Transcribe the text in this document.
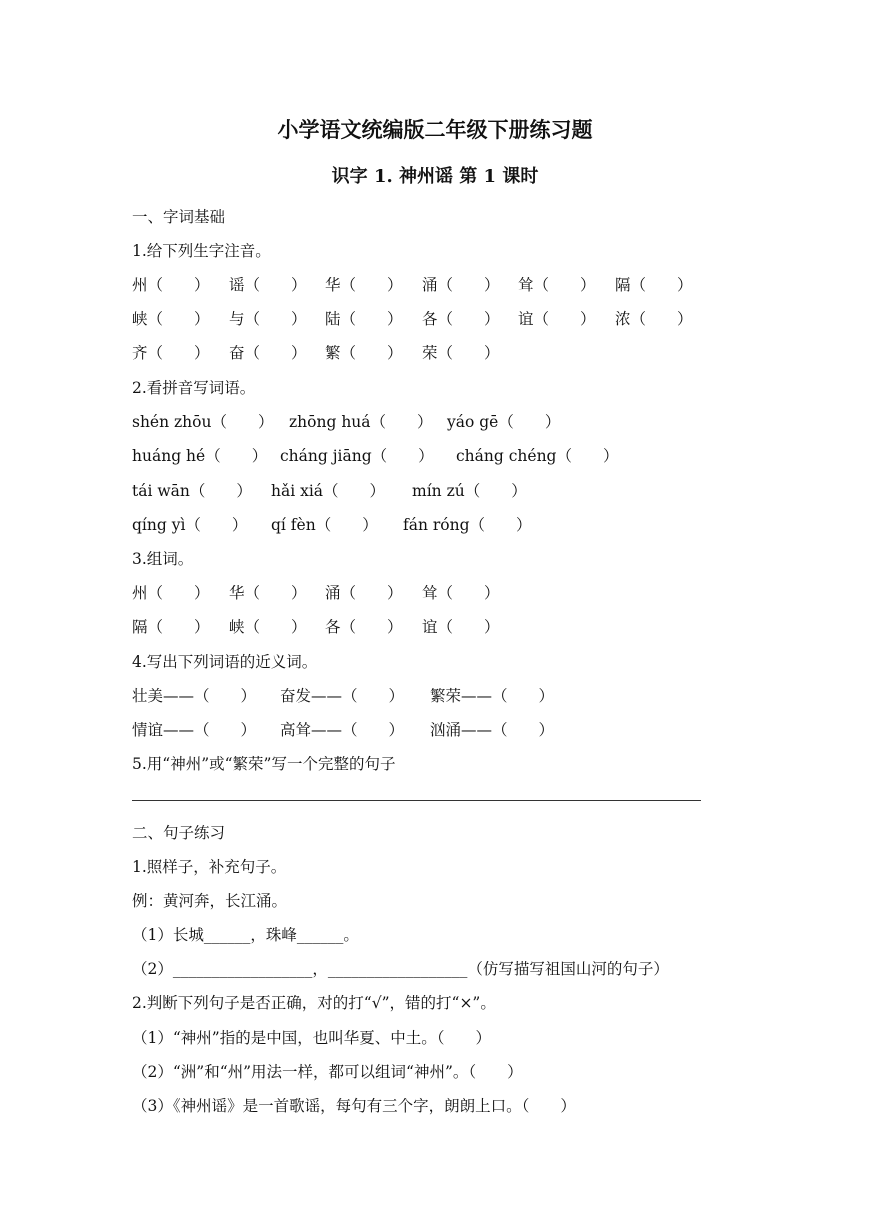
小学语文统编版二年级下册练习题
识字 1. 神州谣 第 1 课时
一、字词基础
1.给下列生字注音。
州（　　） 谣（　　） 华（　　） 涌（　　） 耸（　　） 隔（　　）
峡（　　） 与（　　） 陆（　　） 各（　　） 谊（　　） 浓（　　）
齐（　　） 奋（　　） 繁（　　） 荣（　　）
2.看拼音写词语。
shén zhōu（　　） zhōng huá（　　） yáo gē（　　）
huáng hé（　　） cháng jiāng（　　） cháng chéng（　　）
tái wān（　　） hǎi xiá（　　） mín zú（　　）
qíng yì（　　） qí fèn（　　） fán róng（　　）
3.组词。
州（　　） 华（　　） 涌（　　） 耸（　　）
隔（　　） 峡（　　） 各（　　） 谊（　　）
4.写出下列词语的近义词。
壮美——（　　） 奋发——（　　） 繁荣——（　　）
情谊——（　　） 高耸——（　　） 汹涌——（　　）
5.用“神州”或“繁荣”写一个完整的句子
二、句子练习
1.照样子，补充句子。
例：黄河奔，长江涌。
（1）长城______，珠峰______。
（2）__________________，__________________（仿写描写祖国山河的句子）
2.判断下列句子是否正确，对的打“√”，错的打“×”。
（1）“神州”指的是中国，也叫华夏、中土。（　　）
（2）“洲”和“州”用法一样，都可以组词“神州”。（　　）
（3）《神州谣》是一首歌谣，每句有三个字，朗朗上口。（　　）
